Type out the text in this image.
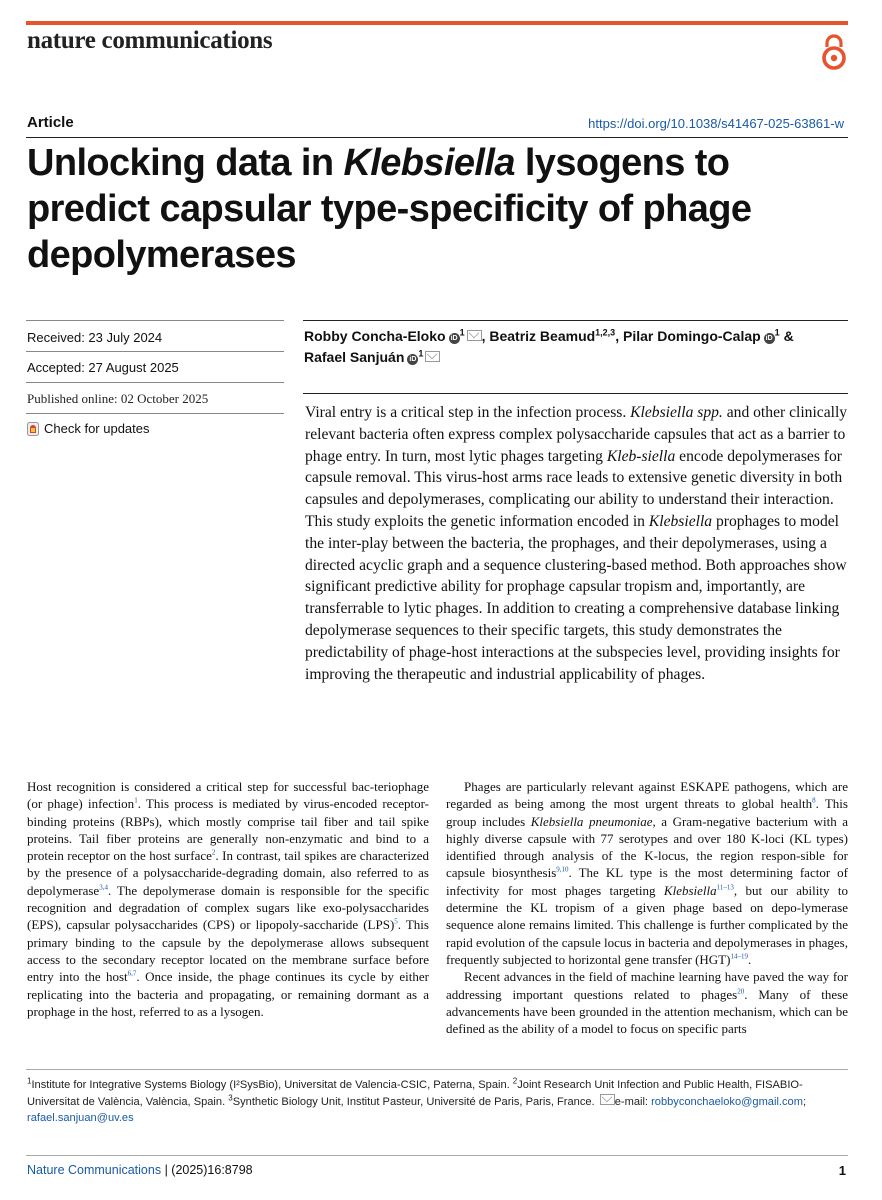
nature communications
Article	https://doi.org/10.1038/s41467-025-63861-w
Unlocking data in Klebsiella lysogens to predict capsular type-specificity of phage depolymerases
Received: 23 July 2024
Accepted: 27 August 2025
Published online: 02 October 2025
Check for updates
Robby Concha-Eloko $iD^1$ , Beatriz Beamud$^{1,2,3}$, Pilar Domingo-Calap $iD^1$ &
Rafael Sanjuán $iD^1$

Viral entry is a critical step in the infection process. Klebsiella spp. and other clinically relevant bacteria often express complex polysaccharide capsules that act as a barrier to phage entry. In turn, most lytic phages targeting Kleb-siella encode depolymerases for capsule removal. This virus-host arms race leads to extensive genetic diversity in both capsules and depolymerases, complicating our ability to understand their interaction. This study exploits the genetic information encoded in Klebsiella prophages to model the inter-play between the bacteria, the prophages, and their depolymerases, using a directed acyclic graph and a sequence clustering-based method. Both approaches show significant predictive ability for prophage capsular tropism and, importantly, are transferrable to lytic phages. In addition to creating a comprehensive database linking depolymerase sequences to their specific targets, this study demonstrates the predictability of phage-host interactions at the subspecies level, providing insights for improving the therapeutic and industrial applicability of phages.

Host recognition is considered a critical step for successful bac-teriophage (or phage) infection$^1$. This process is mediated by virus-encoded receptor-binding proteins (RBPs), which mostly comprise tail fiber and tail spike proteins. Tail fiber proteins are generally non-enzymatic and bind to a protein receptor on the host surface$^2$. In contrast, tail spikes are characterized by the presence of a polysaccharide-degrading domain, also referred to as depolymerase$^{3,4}$. The depolymerase domain is responsible for the specific recognition and degradation of complex sugars like exo-polysaccharides (EPS), capsular polysaccharides (CPS) or lipopoly-saccharide (LPS)$^5$. This primary binding to the capsule by the depolymerase allows subsequent access to the secondary receptor located on the membrane surface before entry into the host$^{6,7}$. Once inside, the phage continues its cycle by either replicating into the bacteria and propagating, or remaining dormant as a prophage in the host, referred to as a lysogen.

Phages are particularly relevant against ESKAPE pathogens, which are regarded as being among the most urgent threats to global health$^8$. This group includes Klebsiella pneumoniae, a Gram-negative bacterium with a highly diverse capsule with 77 serotypes and over 180 K-loci (KL types) identified through analysis of the K-locus, the region respon-sible for capsule biosynthesis$^{9,10}$. The KL type is the most determining factor of infectivity for most phages targeting Klebsiella$^{11-13}$, but our ability to determine the KL tropism of a given phage based on depo-lymerase sequence alone remains limited. This challenge is further complicated by the rapid evolution of the capsule locus in bacteria and depolymerases in phages, frequently subjected to horizontal gene transfer (HGT)$^{14-19}$.

Recent advances in the field of machine learning have paved the way for addressing important questions related to phages$^{20}$. Many of these advancements have been grounded in the attention mechanism, which can be defined as the ability of a model to focus on specific parts

$^1$Institute for Integrative Systems Biology (I²SysBio), Universitat de Valencia-CSIC, Paterna, Spain. $^2$Joint Research Unit Infection and Public Health, FISABIO-Universitat de València, València, Spain. $^3$Synthetic Biology Unit, Institut Pasteur, Université de Paris, Paris, France. e-mail: robbyconchaeloko@gmail.com;
rafael.sanjuan@uv.es

Nature Communications | (2025)16:8798	1
